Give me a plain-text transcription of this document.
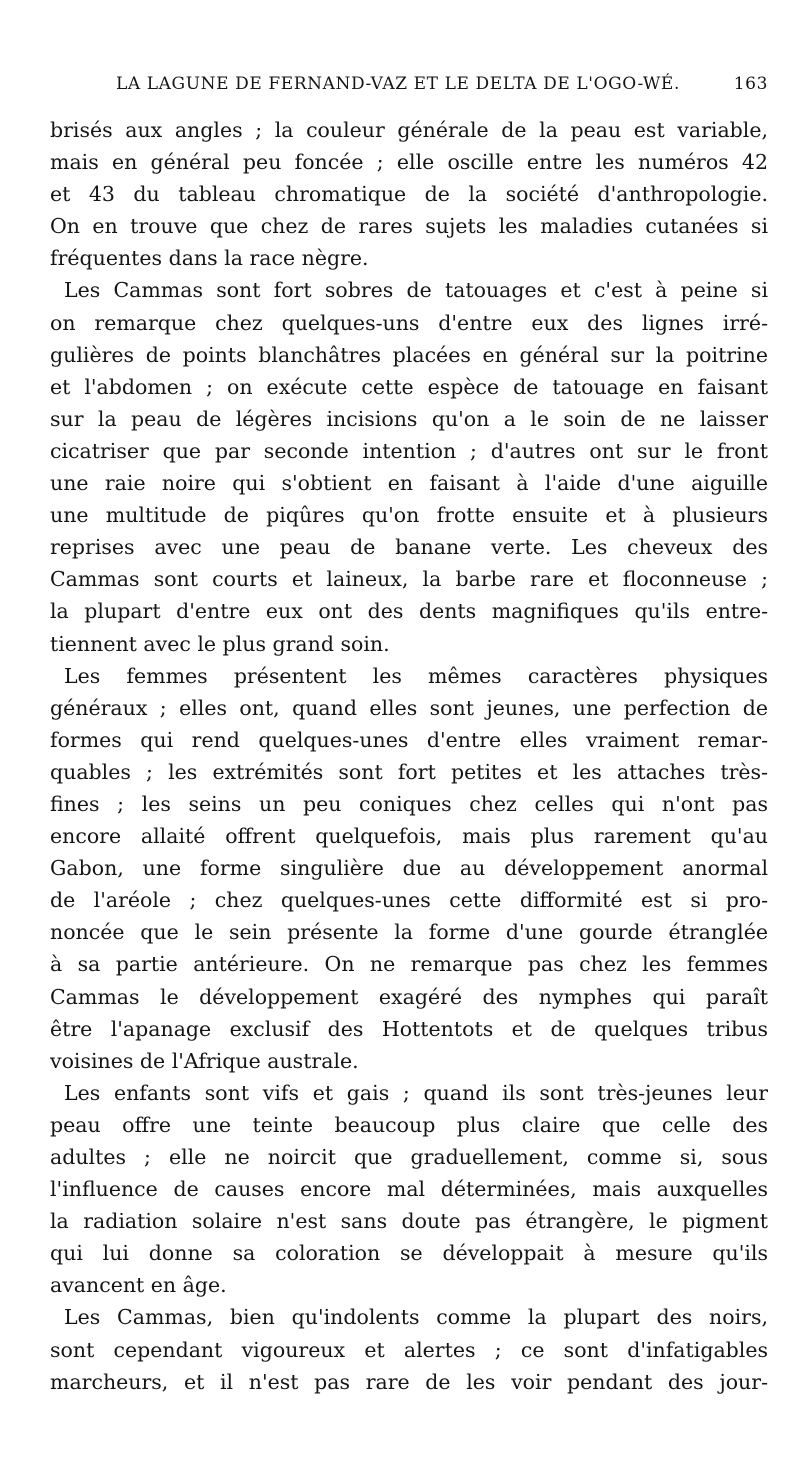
LA LAGUNE DE FERNAND-VAZ ET LE DELTA DE L'OGO-WÉ.	163
brisés aux angles ; la couleur générale de la peau est variable,
mais en général peu foncée ; elle oscille entre les numéros 42
et 43 du tableau chromatique de la société d'anthropologie.
On en trouve que chez de rares sujets les maladies cutanées si
fréquentes dans la race nègre.
Les Cammas sont fort sobres de tatouages et c'est à peine si
on remarque chez quelques-uns d'entre eux des lignes irré-
gulières de points blanchâtres placées en général sur la poitrine
et l'abdomen ; on exécute cette espèce de tatouage en faisant
sur la peau de légères incisions qu'on a le soin de ne laisser
cicatriser que par seconde intention ; d'autres ont sur le front
une raie noire qui s'obtient en faisant à l'aide d'une aiguille
une multitude de piqûres qu'on frotte ensuite et à plusieurs
reprises avec une peau de banane verte. Les cheveux des
Cammas sont courts et laineux, la barbe rare et floconneuse ;
la plupart d'entre eux ont des dents magnifiques qu'ils entre-
tiennent avec le plus grand soin.
Les femmes présentent les mêmes caractères physiques
généraux ; elles ont, quand elles sont jeunes, une perfection de
formes qui rend quelques-unes d'entre elles vraiment remar-
quables ; les extrémités sont fort petites et les attaches très-
fines ; les seins un peu coniques chez celles qui n'ont pas
encore allaité offrent quelquefois, mais plus rarement qu'au
Gabon, une forme singulière due au développement anormal
de l'aréole ; chez quelques-unes cette difformité est si pro-
noncée que le sein présente la forme d'une gourde étranglée
à sa partie antérieure. On ne remarque pas chez les femmes
Cammas le développement exagéré des nymphes qui paraît
être l'apanage exclusif des Hottentots et de quelques tribus
voisines de l'Afrique australe.
Les enfants sont vifs et gais ; quand ils sont très-jeunes leur
peau offre une teinte beaucoup plus claire que celle des
adultes ; elle ne noircit que graduellement, comme si, sous
l'influence de causes encore mal déterminées, mais auxquelles
la radiation solaire n'est sans doute pas étrangère, le pigment
qui lui donne sa coloration se développait à mesure qu'ils
avancent en âge.
Les Cammas, bien qu'indolents comme la plupart des noirs,
sont cependant vigoureux et alertes ; ce sont d'infatigables
marcheurs, et il n'est pas rare de les voir pendant des jour-
